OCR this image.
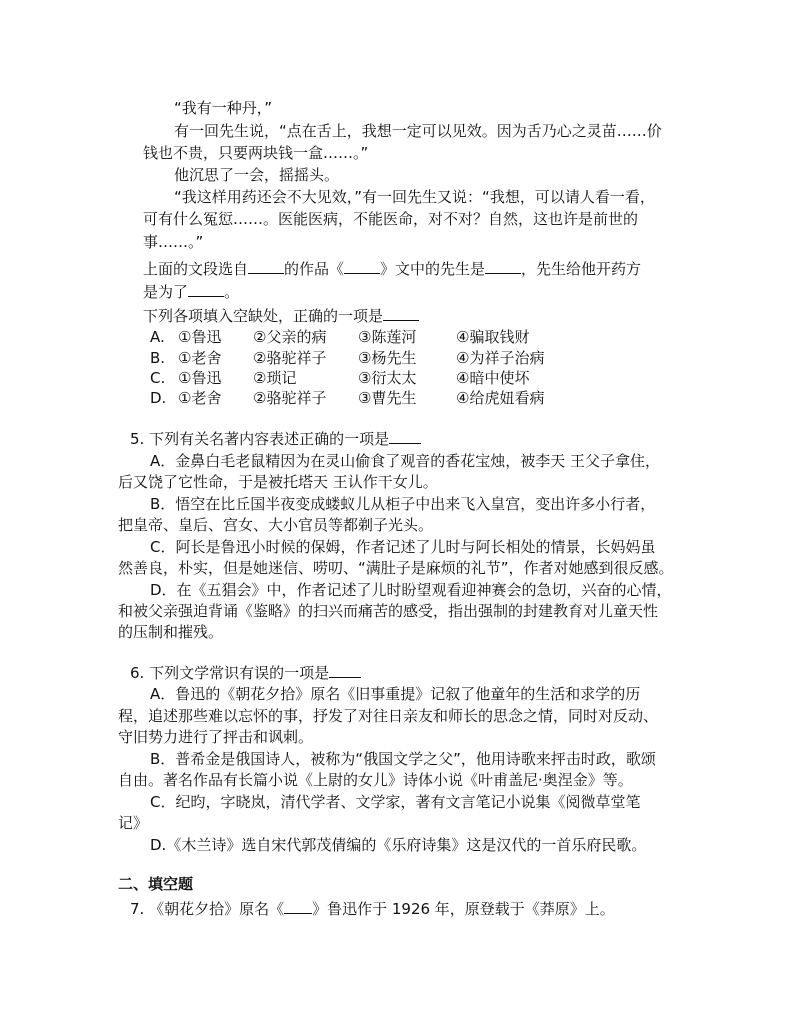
“我有一种丹，”
有一回先生说，“点在舌上，我想一定可以见效。因为舌乃心之灵苗……价
钱也不贵，只要两块钱一盒……。”
他沉思了一会，摇摇头。
“我这样用药还会不大见效，”有一回先生又说：“我想，可以请人看一看，
可有什么冤愆……。医能医病，不能医命，对不对？自然，这也许是前世的
事……。”
上面的文段选自 的作品《 》文中的先生是 ，先生给他开药方
是为了 。
下列各项填入空缺处，正确的一项是
A. ①鲁迅 ②父亲的病 ③陈莲河	④骗取钱财
B. ①老舍 ②骆驼祥子 ③杨先生	④为祥子治病
C. ①鲁迅 ②琐记	③衍太太	④暗中使坏
D. ①老舍 ②骆驼祥子 ③曹先生	④给虎妞看病
5. 下列有关名著内容表述正确的一项是
A．金鼻白毛老鼠精因为在灵山偷食了观音的香花宝烛，被李天 王父子拿住，
后又饶了它性命，于是被托塔天 王认作干女儿。
B．悟空在比丘国半夜变成蝼蚁儿从柜子中出来飞入皇宫，变出许多小行者，
把皇帝、皇后、宫女、大小官员等都剃子光头。
C．阿长是鲁迅小时候的保姆，作者记述了儿时与阿长相处的情景，长妈妈虽
然善良，朴实，但是她迷信、唠叨、“满肚子是麻烦的礼节”，作者对她感到很反感。
D．在《五猖会》中，作者记述了儿时盼望观看迎神赛会的急切，兴奋的心情，
和被父亲强迫背诵《鉴略》的扫兴而痛苦的感受，指出强制的封建教育对儿童天性
的压制和摧残。
6. 下列文学常识有误的一项是
A．鲁迅的《朝花夕拾》原名《旧事重提》记叙了他童年的生活和求学的历
程，追述那些难以忘怀的事，抒发了对往日亲友和师长的思念之情，同时对反动、
守旧势力进行了抨击和讽刺。
B．普希金是俄国诗人，被称为“俄国文学之父”，他用诗歌来抨击时政，歌颂
自由。著名作品有长篇小说《上尉的女儿》诗体小说《叶甫盖尼·奥涅金》等。
C．纪昀，字晓岚，清代学者、文学家，著有文言笔记小说集《阅微草堂笔
记》
D.《木兰诗》选自宋代郭茂倩编的《乐府诗集》这是汉代的一首乐府民歌。
二、填空题
7. 《朝花夕拾》原名《 》鲁迅作于 1926 年，原登载于《莽原》上。
